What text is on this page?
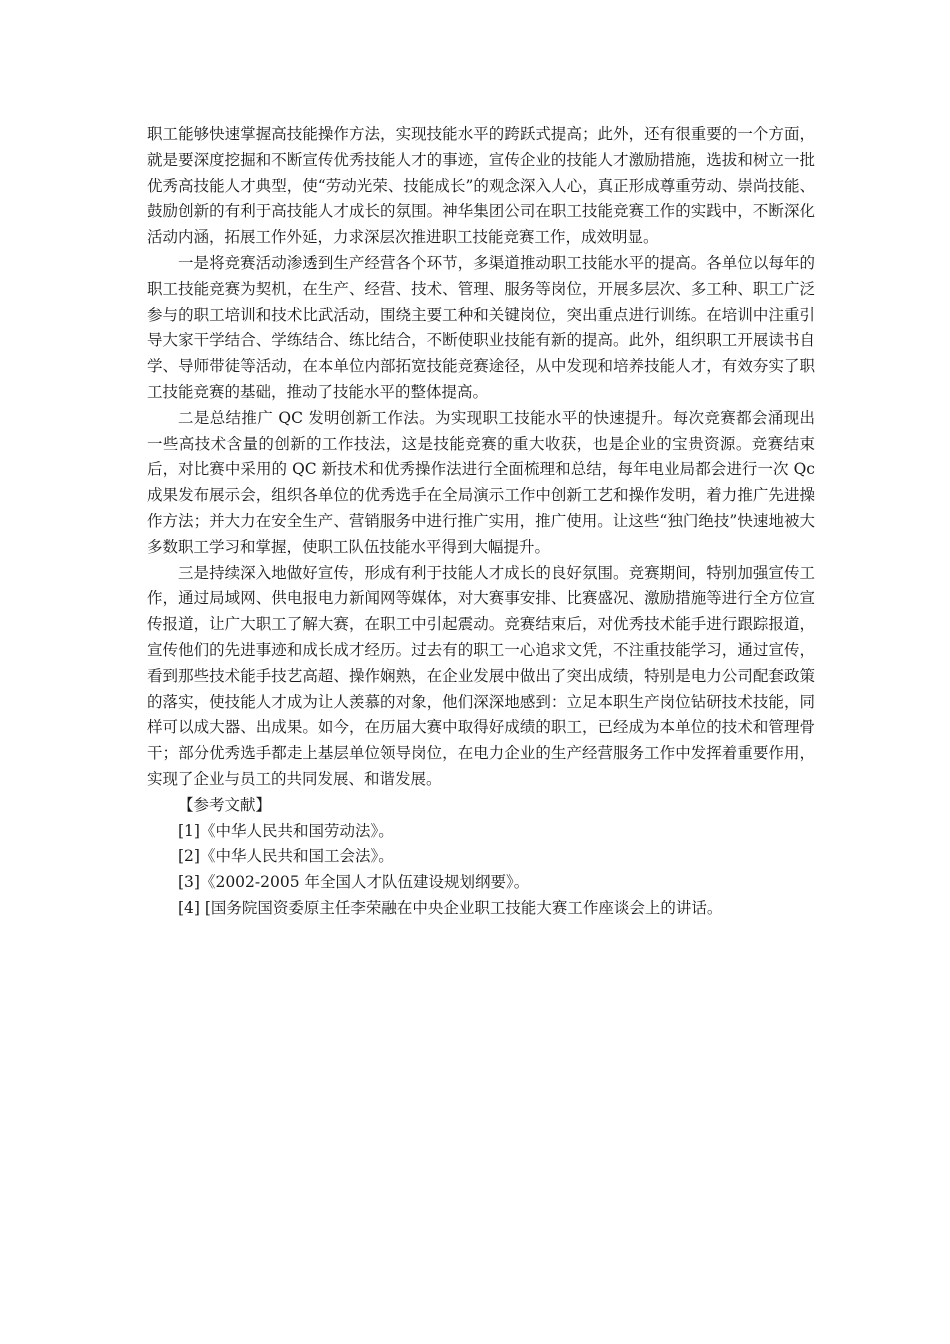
职工能够快速掌握高技能操作方法，实现技能水平的跨跃式提高；此外，还有很重要的一个方面，就是要深度挖掘和不断宣传优秀技能人才的事迹，宣传企业的技能人才激励措施，选拔和树立一批优秀高技能人才典型，使“劳动光荣、技能成长”的观念深入人心，真正形成尊重劳动、崇尚技能、鼓励创新的有利于高技能人才成长的氛围。神华集团公司在职工技能竞赛工作的实践中，不断深化活动内涵，拓展工作外延，力求深层次推进职工技能竞赛工作，成效明显。

一是将竞赛活动渗透到生产经营各个环节，多渠道推动职工技能水平的提高。各单位以每年的职工技能竞赛为契机，在生产、经营、技术、管理、服务等岗位，开展多层次、多工种、职工广泛参与的职工培训和技术比武活动，围绕主要工种和关键岗位，突出重点进行训练。在培训中注重引导大家干学结合、学练结合、练比结合，不断使职业技能有新的提高。此外，组织职工开展读书自学、导师带徒等活动，在本单位内部拓宽技能竞赛途径，从中发现和培养技能人才，有效夯实了职工技能竞赛的基础，推动了技能水平的整体提高。

二是总结推广 QC 发明创新工作法。为实现职工技能水平的快速提升。每次竞赛都会涌现出一些高技术含量的创新的工作技法，这是技能竞赛的重大收获，也是企业的宝贵资源。竞赛结束后，对比赛中采用的 QC 新技术和优秀操作法进行全面梳理和总结，每年电业局都会进行一次 Qc 成果发布展示会，组织各单位的优秀选手在全局演示工作中创新工艺和操作发明，着力推广先进操作方法；并大力在安全生产、营销服务中进行推广实用，推广使用。让这些“独门绝技”快速地被大多数职工学习和掌握，使职工队伍技能水平得到大幅提升。

三是持续深入地做好宣传，形成有利于技能人才成长的良好氛围。竞赛期间，特别加强宣传工作，通过局域网、供电报电力新闻网等媒体，对大赛事安排、比赛盛况、激励措施等进行全方位宣传报道，让广大职工了解大赛，在职工中引起震动。竞赛结束后，对优秀技术能手进行跟踪报道，宣传他们的先进事迹和成长成才经历。过去有的职工一心追求文凭，不注重技能学习，通过宣传，看到那些技术能手技艺高超、操作娴熟，在企业发展中做出了突出成绩，特别是电力公司配套政策的落实，使技能人才成为让人羡慕的对象，他们深深地感到：立足本职生产岗位钻研技术技能，同样可以成大器、出成果。如今，在历届大赛中取得好成绩的职工，已经成为本单位的技术和管理骨干；部分优秀选手都走上基层单位领导岗位，在电力企业的生产经营服务工作中发挥着重要作用，实现了企业与员工的共同发展、和谐发展。

【参考文献】

[1]《中华人民共和国劳动法》。

[2]《中华人民共和国工会法》。

[3]《2002-2005 年全国人才队伍建设规划纲要》。

[4] [国务院国资委原主任李荣融在中央企业职工技能大赛工作座谈会上的讲话。
